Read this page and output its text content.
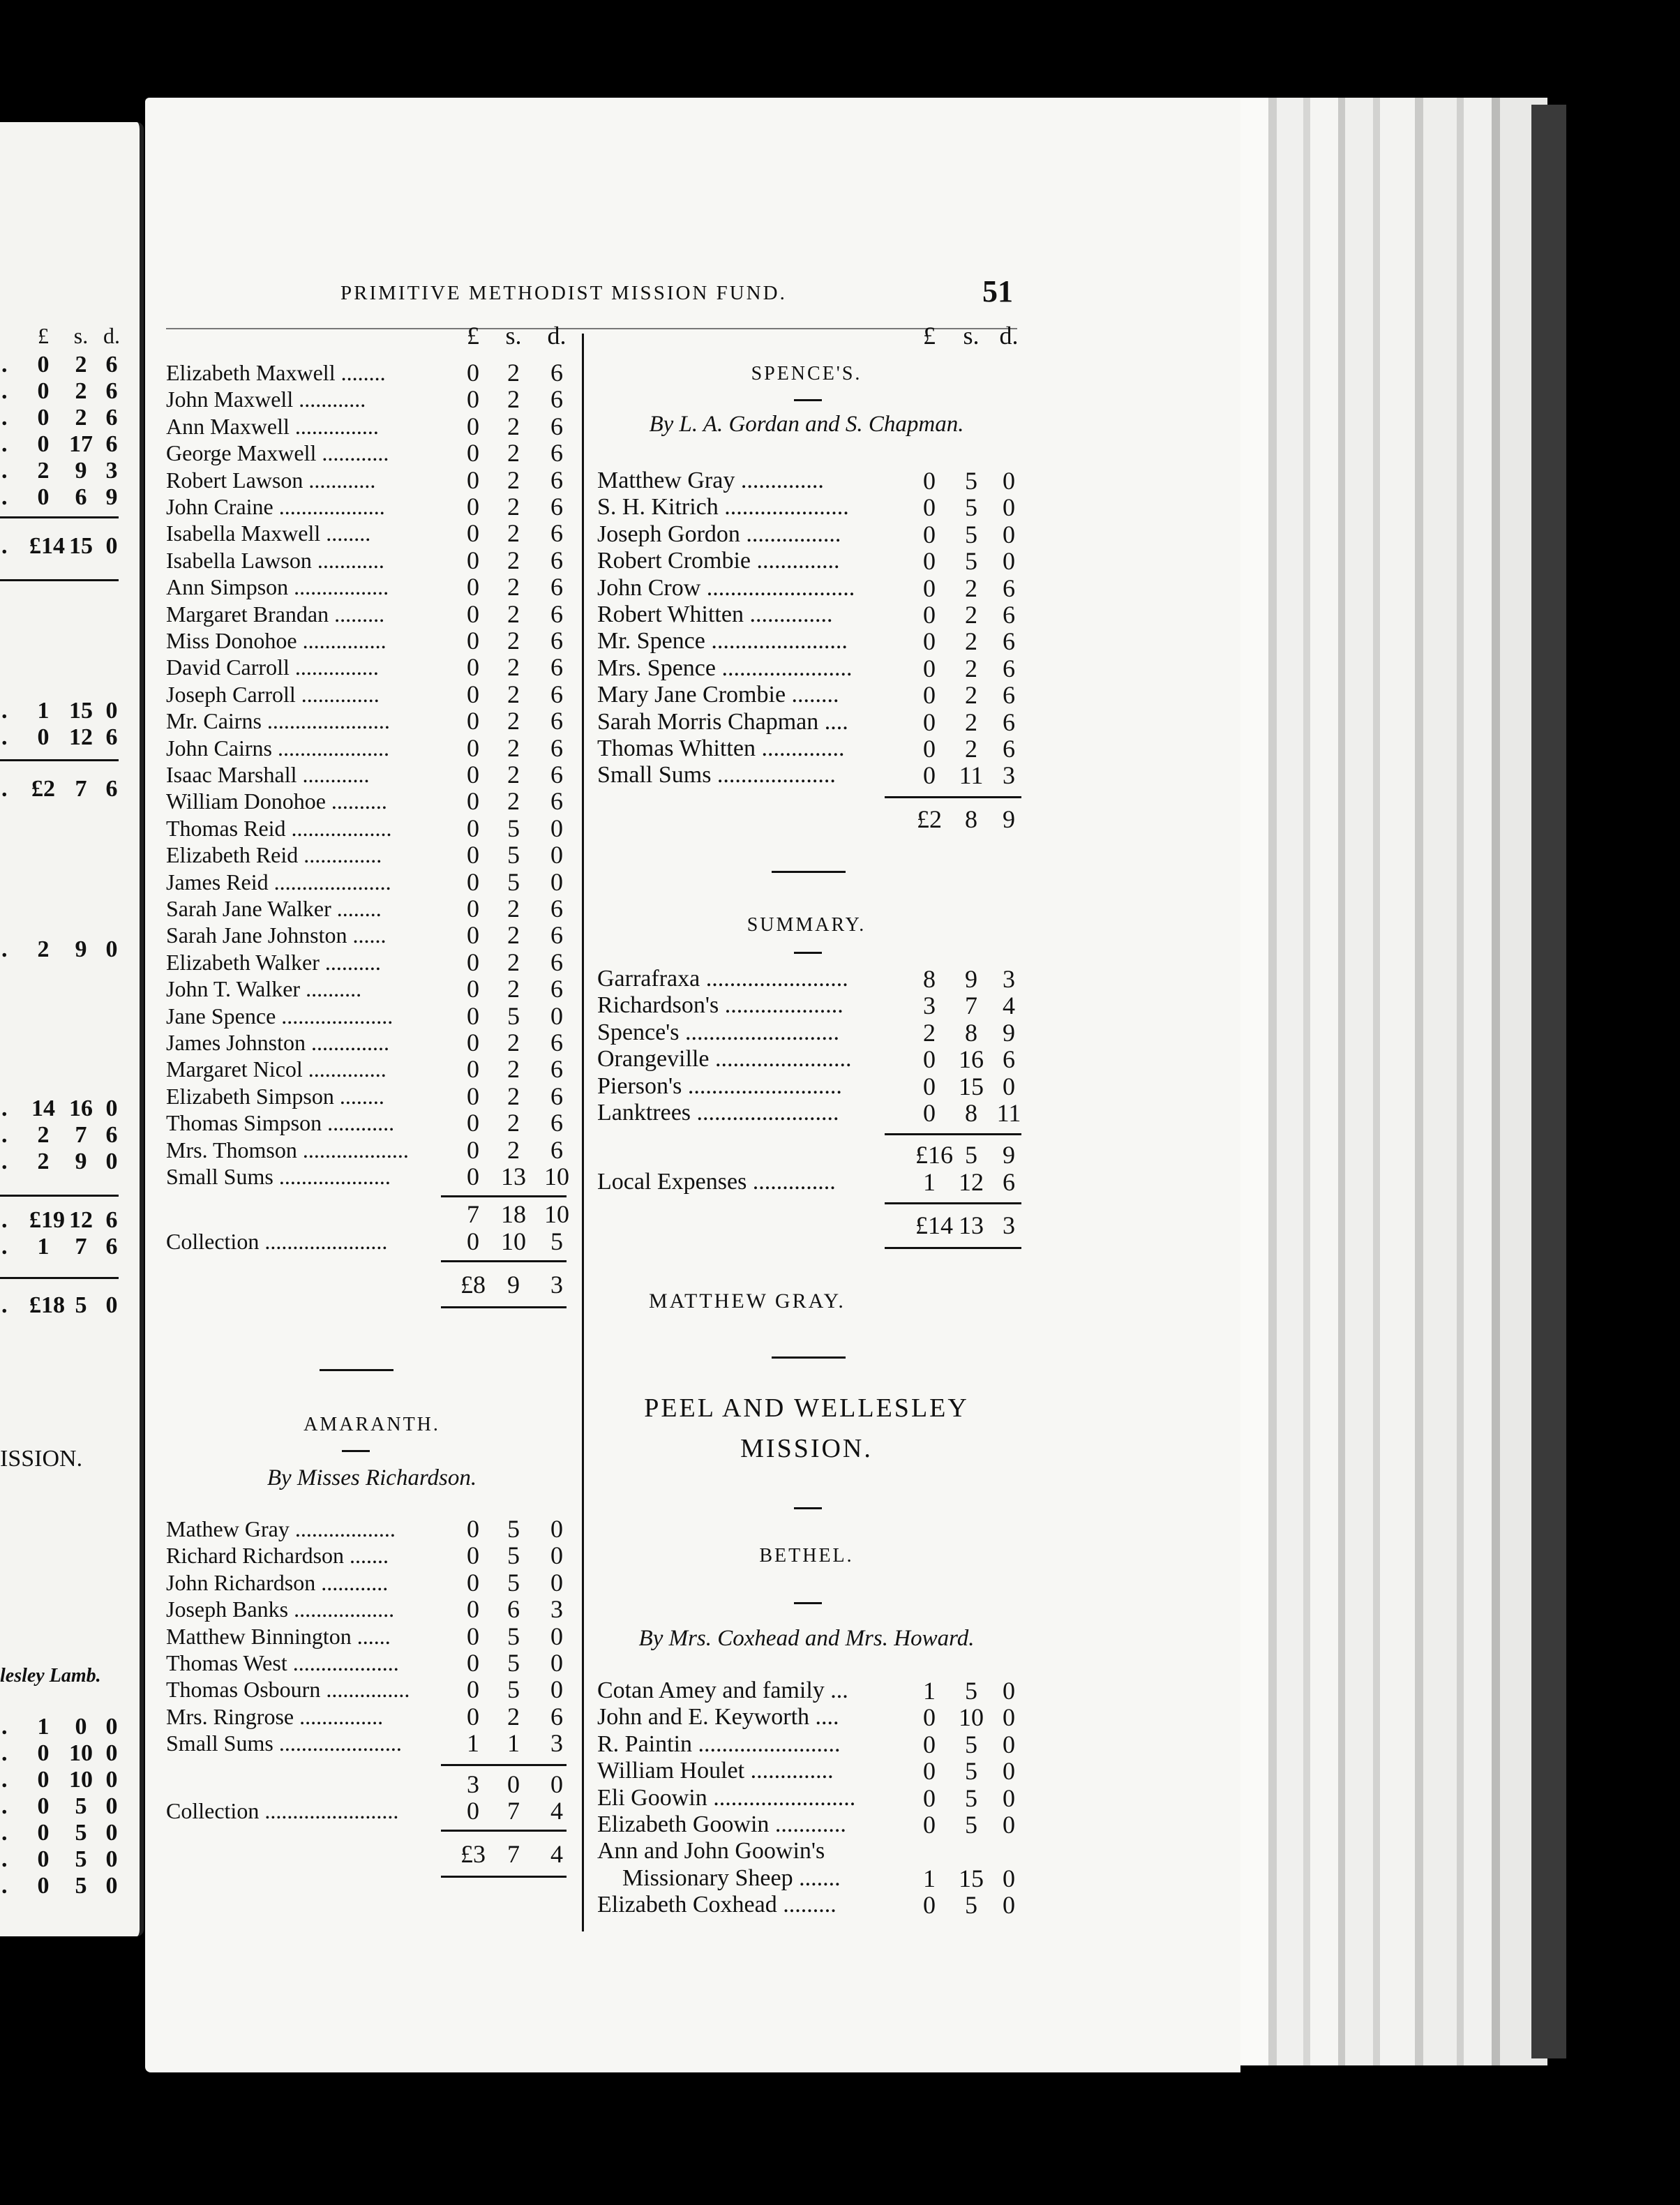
PRIMITIVE METHODIST MISSION FUND.	51
£	s. d.
Elizabeth Maxwell ........	0	2	6
John Maxwell ............	0	2	6
Ann Maxwell ...............	0	2	6
George Maxwell ............	0	2	6
Robert Lawson ............	0	2	6
John Craine ...................	0	2	6
Isabella Maxwell ........	0	2	6
Isabella Lawson ............	0	2	6
Ann Simpson .................	0	2	6
Margaret Brandan .........	0	2	6
Miss Donohoe ...............	0	2	6
David Carroll ...............	0	2	6
Joseph Carroll ..............	0	2	6
Mr. Cairns ......................	0	2	6
John Cairns ....................	0	2	6
Isaac Marshall ............	0	2	6
William Donohoe ..........	0	2	6
Thomas Reid ..................	0	5	0
Elizabeth Reid ..............	0	5	0
James Reid .....................	0	5	0
Sarah Jane Walker ........	0	2	6
Sarah Jane Johnston ......	0	2	6
Elizabeth Walker ..........	0	2	6
John T. Walker ..........	0	2	6
Jane Spence ....................	0	5	0
James Johnston ..............	0	2	6
Margaret Nicol ..............	0	2	6
Elizabeth Simpson ........	0	2	6
Thomas Simpson ............	0	2	6
Mrs. Thomson ...................	0	2	6
Small Sums ....................	0 13 10
7 18 10
Collection ......................	0 10 5
£8 9	3
AMARANTH.
By Misses Richardson.
Mathew Gray ..................	0	5	0
Richard Richardson .......	0	5	0
John Richardson ............	0	5	0
Joseph Banks ..................	0	6	3
Matthew Binnington ......	0	5	0
Thomas West ...................	0	5	0
Thomas Osbourn ...............	0	5	0
Mrs. Ringrose ...............	0	2	6
Small Sums ......................	1	1	3
3	0	0
Collection ........................	0	7	4
£3 7	4
£	s. d.
SPENCE'S.
By L. A. Gordan and S. Chapman.
Matthew Gray ..............	0	5	0
S. H. Kitrich .....................	0	5	0
Joseph Gordon ................	0	5	0
Robert Crombie ..............	0	5	0
John Crow .........................	0	2	6
Robert Whitten ..............	0	2	6
Mr. Spence .......................	0	2	6
Mrs. Spence ......................	0	2	6
Mary Jane Crombie ........	0	2	6
Sarah Morris Chapman ....	0	2	6
Thomas Whitten ..............	0	2	6
Small Sums ....................	0 11 3
£2 8	9
SUMMARY.
Garrafraxa ........................	8	9	3
Richardson's ....................	3	7	4
Spence's ..........................	2	8	9
Orangeville .......................	0 16 6
Pierson's ..........................	0 15 0
Lanktrees ........................	0	8 11
£16 5	9
Local Expenses ..............	1 12 6
£14 13 3
MATTHEW GRAY.
PEEL AND WELLESLEY
MISSION.
BETHEL.
By Mrs. Coxhead and Mrs. Howard.
Cotan Amey and family ...	1	5	0
John and E. Keyworth ....	0 10 0
R. Paintin ........................	0	5	0
William Houlet ..............	0	5	0
Eli Goowin ........................	0	5	0
Elizabeth Goowin ............	0	5	0
Ann and John Goowin's
Missionary Sheep .......	1 15 0
Elizabeth Coxhead .........	0	5	0
£	s. d.
0	2 6
.
0	2 6
.
0	2 6
.
0 17 6
.
2	9 3
.
0	6 9
.
£14 15 0
.
1 15 0
.
0 12 6
.
£2 7 6
.
2	9 0
.
14 16 0
.
2	7 6
.
2	9 0
.
£19 12 6
.
1	7 6
.
£18 5 0
.
ISSION.
lesley Lamb.
1	0 0
.
0 10 0
.
0 10 0
.
0	5 0
.
0	5 0
.
0	5 0
.
0	5 0
.
